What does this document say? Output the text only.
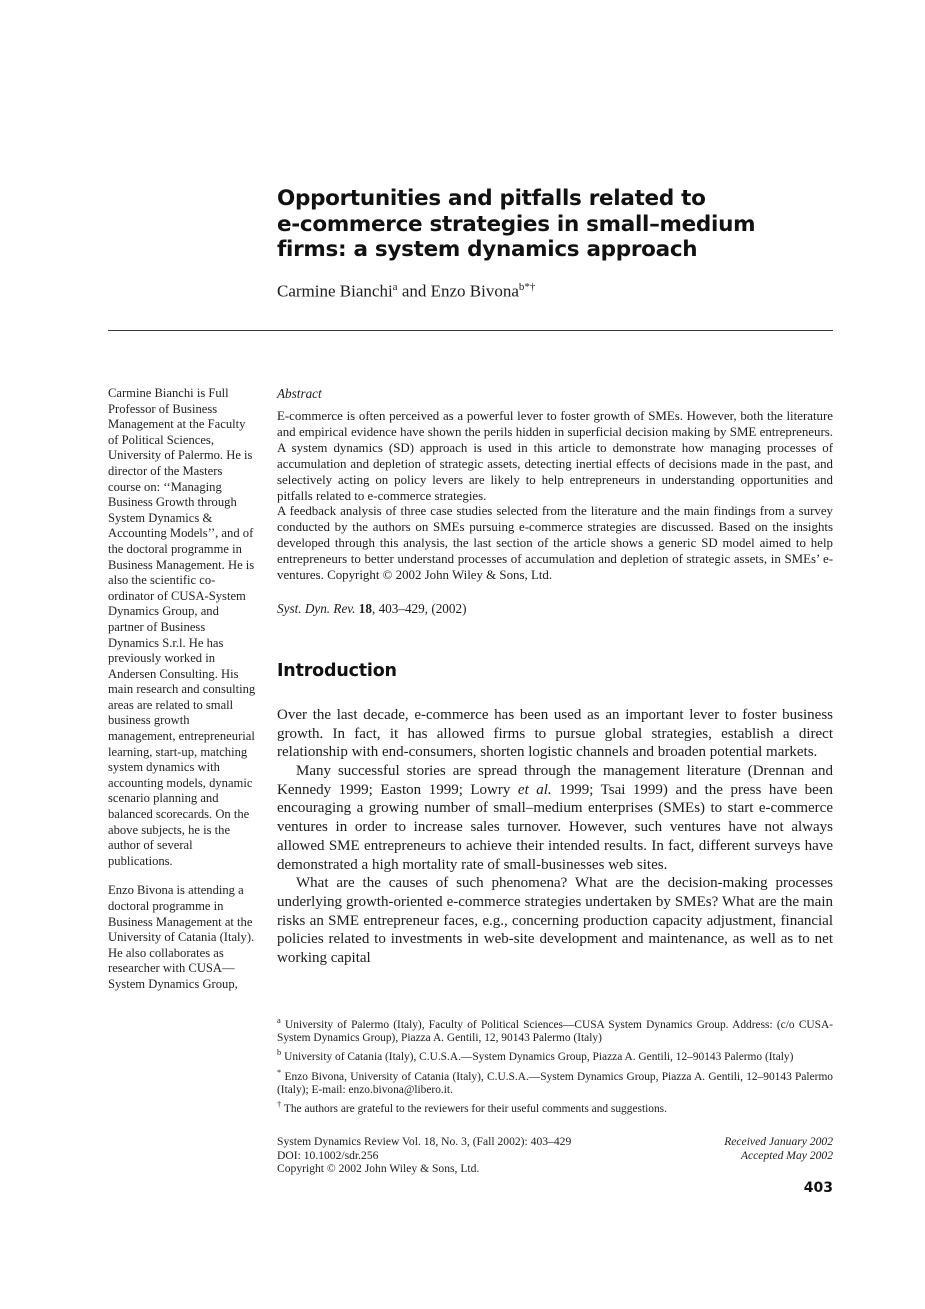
Opportunities and pitfalls related to
e-commerce strategies in small–medium
firms: a system dynamics approach
Carmine Bianchi$^a$ and Enzo Bivona$^{b*\dagger}$

Carmine Bianchi is Full Professor of Business Management at the Faculty of Political Sciences, University of Palermo. He is director of the Masters course on: ‘‘Managing Business Growth through System Dynamics & Accounting Models’’, and of the doctoral programme in Business Management. He is also the scientific co-ordinator of CUSA-System Dynamics Group, and partner of Business Dynamics S.r.l. He has previously worked in Andersen Consulting. His main research and consulting areas are related to small business growth management, entrepreneurial learning, start-up, matching system dynamics with accounting models, dynamic scenario planning and balanced scorecards. On the above subjects, he is the author of several publications.

Enzo Bivona is attending a doctoral programme in Business Management at the University of Catania (Italy). He also collaborates as researcher with CUSA—System Dynamics Group,

Abstract

E-commerce is often perceived as a powerful lever to foster growth of SMEs. However, both the literature and empirical evidence have shown the perils hidden in superficial decision making by SME entrepreneurs. A system dynamics (SD) approach is used in this article to demonstrate how managing processes of accumulation and depletion of strategic assets, detecting inertial effects of decisions made in the past, and selectively acting on policy levers are likely to help entrepreneurs in understanding opportunities and pitfalls related to e-commerce strategies.

A feedback analysis of three case studies selected from the literature and the main findings from a survey conducted by the authors on SMEs pursuing e-commerce strategies are discussed. Based on the insights developed through this analysis, the last section of the article shows a generic SD model aimed to help entrepreneurs to better understand processes of accumulation and depletion of strategic assets, in SMEs’ e-ventures. Copyright © 2002 John Wiley & Sons, Ltd.

Syst. Dyn. Rev. 18, 403–429, (2002)
Introduction

Over the last decade, e-commerce has been used as an important lever to foster business growth. In fact, it has allowed firms to pursue global strategies, establish a direct relationship with end-consumers, shorten logistic channels and broaden potential markets.

Many successful stories are spread through the management literature (Drennan and Kennedy 1999; Easton 1999; Lowry et al. 1999; Tsai 1999) and the press have been encouraging a growing number of small–medium enterprises (SMEs) to start e-commerce ventures in order to increase sales turnover. However, such ventures have not always allowed SME entrepreneurs to achieve their intended results. In fact, different surveys have demonstrated a high mortality rate of small-businesses web sites.

What are the causes of such phenomena? What are the decision-making processes underlying growth-oriented e-commerce strategies undertaken by SMEs? What are the main risks an SME entrepreneur faces, e.g., concerning production capacity adjustment, financial policies related to investments in web-site development and maintenance, as well as to net working capital

$^a$ University of Palermo (Italy), Faculty of Political Sciences—CUSA System Dynamics Group. Address: (c/o CUSA-System Dynamics Group), Piazza A. Gentili, 12, 90143 Palermo (Italy)

$^b$ University of Catania (Italy), C.U.S.A.—System Dynamics Group, Piazza A. Gentili, 12–90143 Palermo (Italy)

* Enzo Bivona, University of Catania (Italy), C.U.S.A.—System Dynamics Group, Piazza A. Gentili, 12–90143 Palermo (Italy); E-mail: enzo.bivona@libero.it.

† The authors are grateful to the reviewers for their useful comments and suggestions.

System Dynamics Review Vol. 18, No. 3, (Fall 2002): 403–429
DOI: 10.1002/sdr.256
Copyright © 2002 John Wiley & Sons, Ltd.
Received January 2002
Accepted May 2002
403
